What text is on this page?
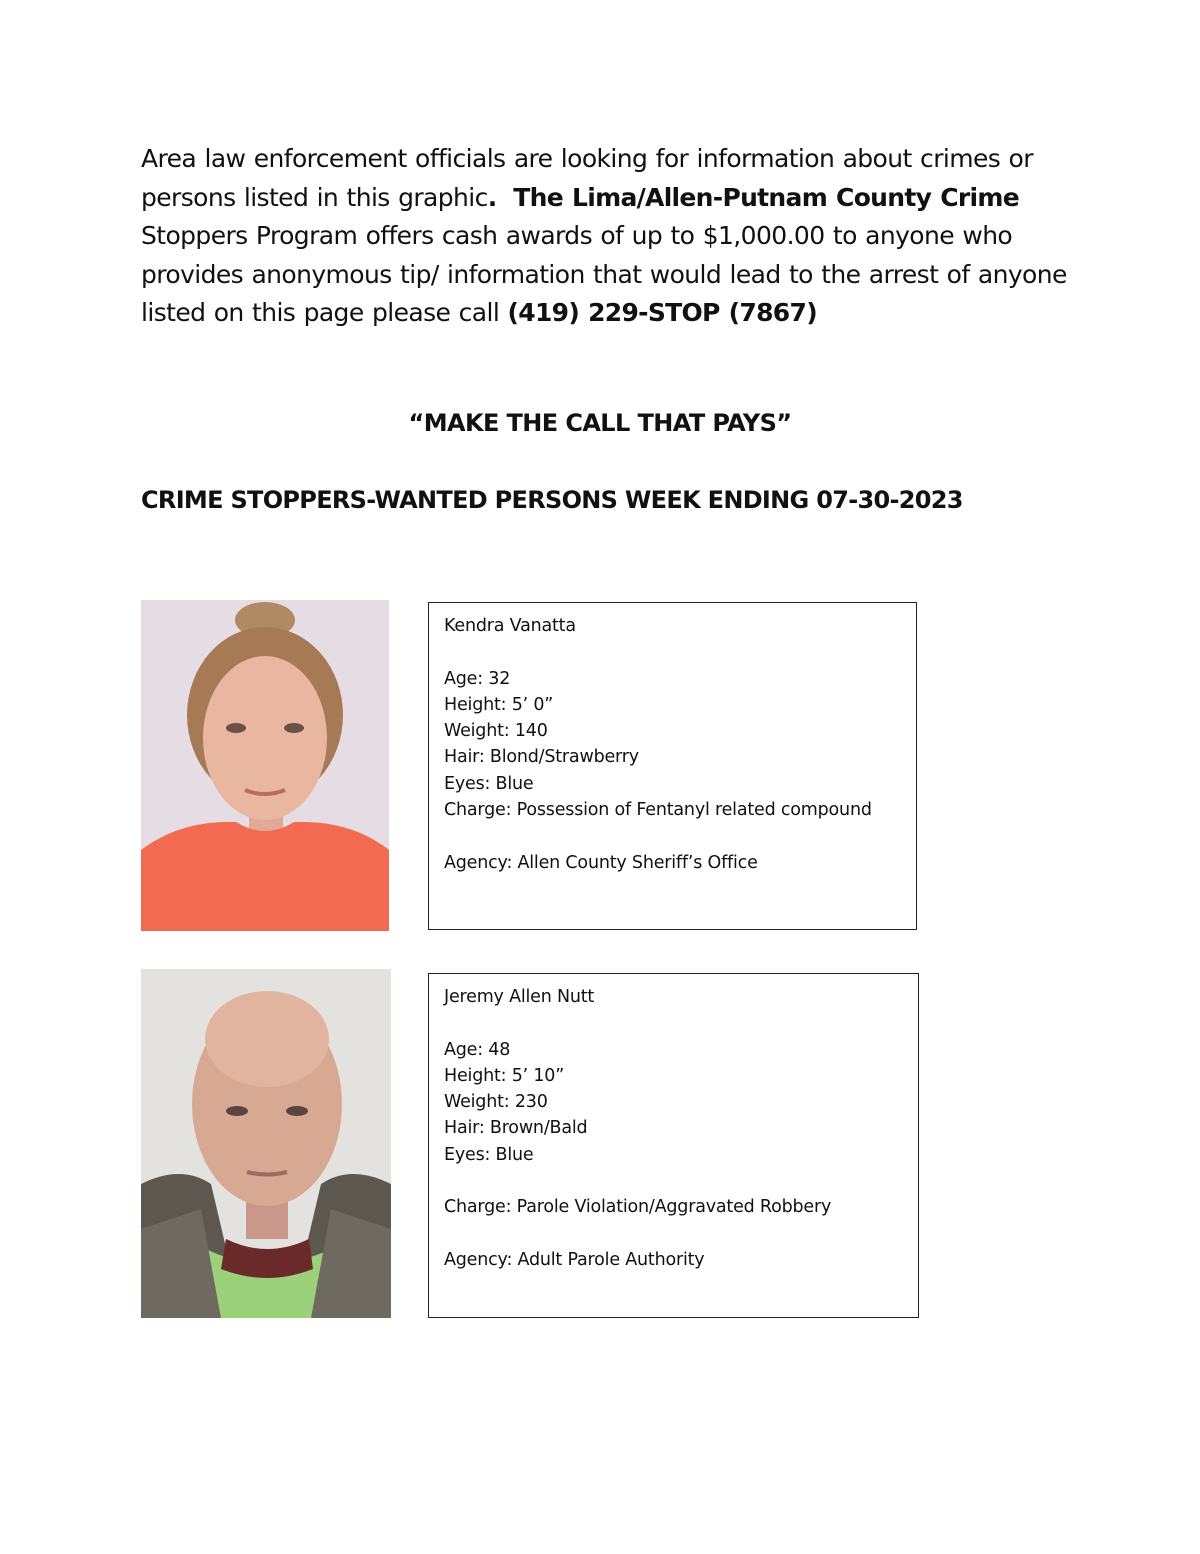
Area law enforcement officials are looking for information about crimes or persons listed in this graphic. The Lima/Allen-Putnam County Crime Stoppers Program offers cash awards of up to $1,000.00 to anyone who provides anonymous tip/ information that would lead to the arrest of anyone listed on this page please call (419) 229-STOP (7867)

“MAKE THE CALL THAT PAYS”

CRIME STOPPERS-WANTED PERSONS WEEK ENDING 07-30-2023

Kendra Vanatta
Age: 32
Height: 5’ 0”
Weight: 140
Hair: Blond/Strawberry
Eyes: Blue
Charge: Possession of Fentanyl related compound
Agency: Allen County Sheriff’s Office
Jeremy Allen Nutt
Age: 48
Height: 5’ 10”
Weight: 230
Hair: Brown/Bald
Eyes: Blue
Charge: Parole Violation/Aggravated Robbery
Agency: Adult Parole Authority
